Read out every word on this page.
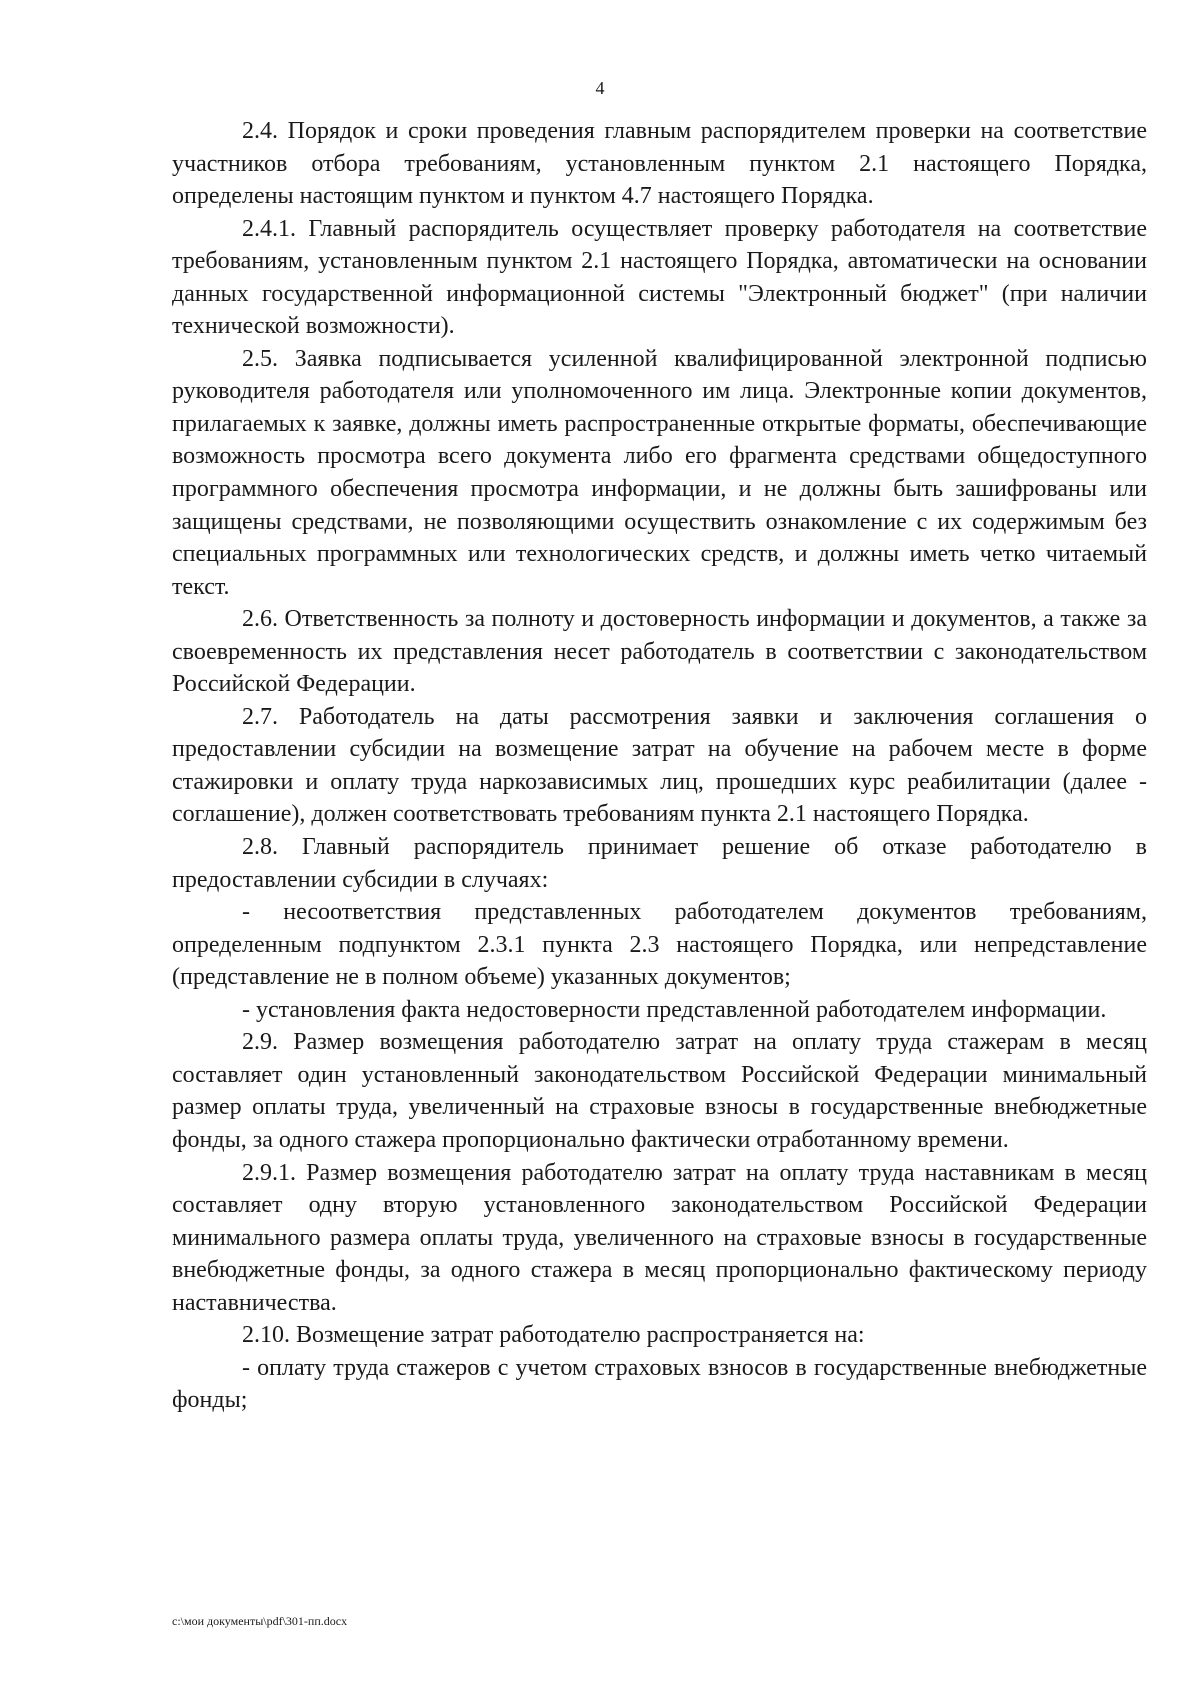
4

2.4. Порядок и сроки проведения главным распорядителем проверки на соответствие участников отбора требованиям, установленным пунктом 2.1 настоящего Порядка, определены настоящим пунктом и пунктом 4.7 настоящего Порядка.

2.4.1. Главный распорядитель осуществляет проверку работодателя на соответствие требованиям, установленным пунктом 2.1 настоящего Порядка, автоматически на основании данных государственной информационной системы "Электронный бюджет" (при наличии технической возможности).

2.5. Заявка подписывается усиленной квалифицированной электронной подписью руководителя работодателя или уполномоченного им лица. Электронные копии документов, прилагаемых к заявке, должны иметь распространенные открытые форматы, обеспечивающие возможность просмотра всего документа либо его фрагмента средствами общедоступного программного обеспечения просмотра информации, и не должны быть зашифрованы или защищены средствами, не позволяющими осуществить ознакомление с их содержимым без специальных программных или технологических средств, и должны иметь четко читаемый текст.

2.6. Ответственность за полноту и достоверность информации и документов, а также за своевременность их представления несет работодатель в соответствии с законодательством Российской Федерации.

2.7. Работодатель на даты рассмотрения заявки и заключения соглашения о предоставлении субсидии на возмещение затрат на обучение на рабочем месте в форме стажировки и оплату труда наркозависимых лиц, прошедших курс реабилитации (далее - соглашение), должен соответствовать требованиям пункта 2.1 настоящего Порядка.

2.8. Главный распорядитель принимает решение об отказе работодателю в предоставлении субсидии в случаях:

- несоответствия представленных работодателем документов требованиям, определенным подпунктом 2.3.1 пункта 2.3 настоящего Порядка, или непредставление (представление не в полном объеме) указанных документов;

- установления факта недостоверности представленной работодателем информации.

2.9. Размер возмещения работодателю затрат на оплату труда стажерам в месяц составляет один установленный законодательством Российской Федерации минимальный размер оплаты труда, увеличенный на страховые взносы в государственные внебюджетные фонды, за одного стажера пропорционально фактически отработанному времени.

2.9.1. Размер возмещения работодателю затрат на оплату труда наставникам в месяц составляет одну вторую установленного законодательством Российской Федерации минимального размера оплаты труда, увеличенного на страховые взносы в государственные внебюджетные фонды, за одного стажера в месяц пропорционально фактическому периоду наставничества.

2.10. Возмещение затрат работодателю распространяется на:

- оплату труда стажеров с учетом страховых взносов в государственные внебюджетные фонды;

c:\мои документы\pdf\301-пп.docx
